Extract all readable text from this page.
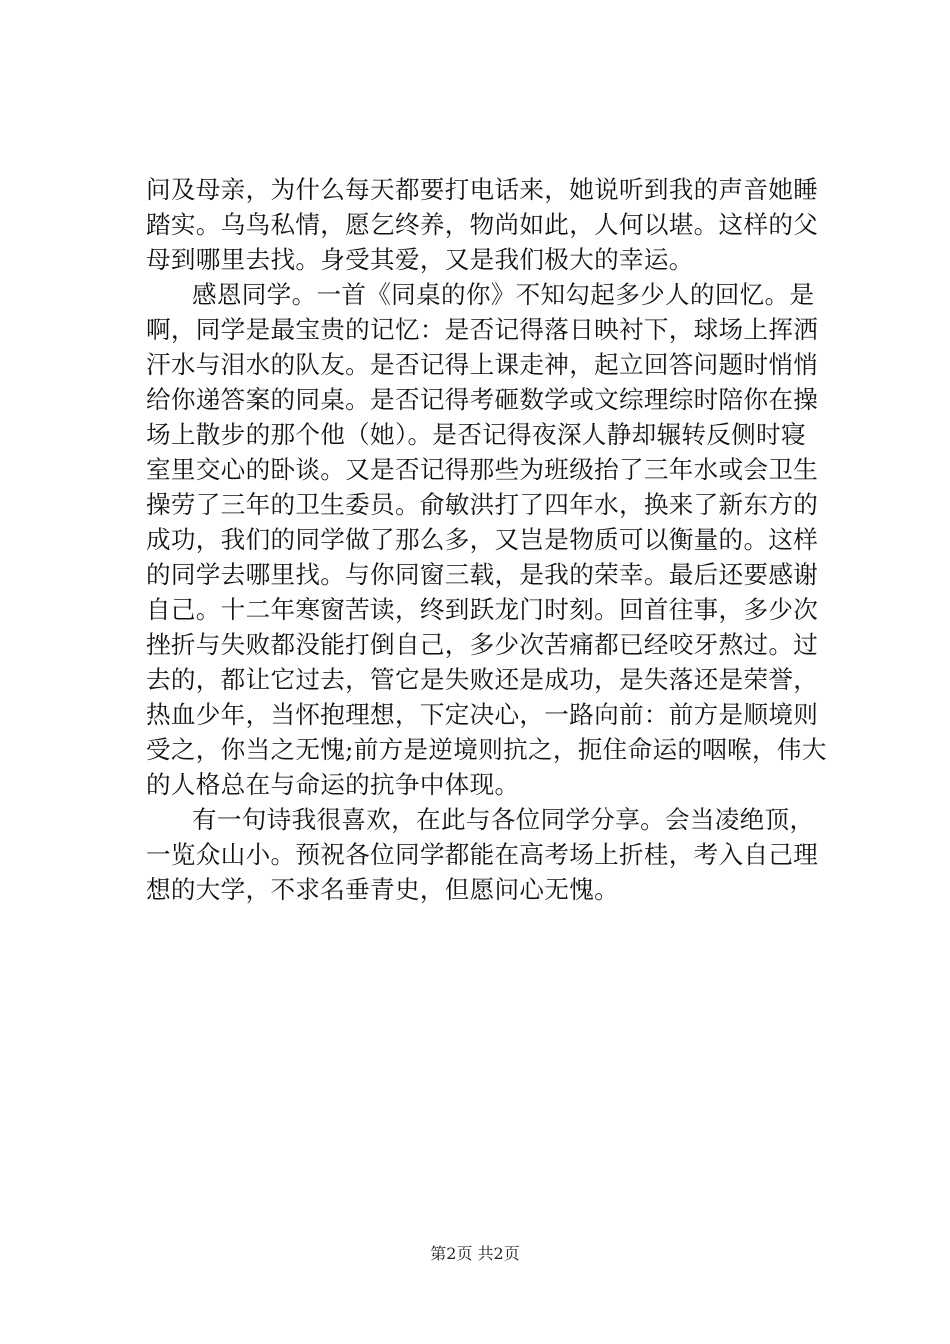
问及母亲，为什么每天都要打电话来，她说听到我的声音她睡
踏实。乌鸟私情，愿乞终养，物尚如此，人何以堪。这样的父
母到哪里去找。身受其爱，又是我们极大的幸运。
感恩同学。一首《同桌的你》不知勾起多少人的回忆。是
啊，同学是最宝贵的记忆：是否记得落日映衬下，球场上挥洒
汗水与泪水的队友。是否记得上课走神，起立回答问题时悄悄
给你递答案的同桌。是否记得考砸数学或文综理综时陪你在操
场上散步的那个他（她）。是否记得夜深人静却辗转反侧时寝
室里交心的卧谈。又是否记得那些为班级抬了三年水或会卫生
操劳了三年的卫生委员。俞敏洪打了四年水，换来了新东方的
成功，我们的同学做了那么多，又岂是物质可以衡量的。这样
的同学去哪里找。与你同窗三载，是我的荣幸。最后还要感谢
自己。十二年寒窗苦读，终到跃龙门时刻。回首往事，多少次
挫折与失败都没能打倒自己，多少次苦痛都已经咬牙熬过。过
去的，都让它过去，管它是失败还是成功，是失落还是荣誉，
热血少年，当怀抱理想，下定决心，一路向前：前方是顺境则
受之，你当之无愧;前方是逆境则抗之，扼住命运的咽喉，伟大
的人格总在与命运的抗争中体现。
有一句诗我很喜欢，在此与各位同学分享。会当凌绝顶，
一览众山小。预祝各位同学都能在高考场上折桂，考入自己理
想的大学，不求名垂青史，但愿问心无愧。
第2页 共2页
